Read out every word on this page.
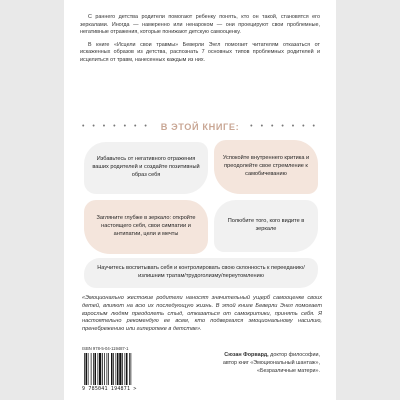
С раннего детства родители помогают ребенку понять, кто он такой, становятся его зеркалами. Иногда — намеренно или ненароком — они проецируют свои проблемные, негативные отражения, которые понижают детскую самооценку.

В книге «Исцели свои травмы» Беверли Энгл помогает читателям отказаться от искаженных образов из детства, распознать 7 основных типов проблемных родителей и исцелиться от травм, нанесенных каждым из них.

• • • • • • • В ЭТОЙ КНИГЕ: • • • • • • •
Избавьтесь от негативного отражения ваших родителей и создайте позитивный образ себя
Успокойте внутреннего критика и преодолейте свое стремление к самобичеванию
Загляните глубже в зеркало: откройте настоящего себя, свои симпатии и антипатии, цели и мечты
Полюбите того, кого видите в зеркале
Научитесь воспитывать себя и контролировать свою склонность к перееданию/излишним тратам/трудоголизму/переутомлению
«Эмоционально жестокие родители наносят значительный ущерб самооценке своих детей, влияют на всю их последующую жизнь. В этой книге Беверли Энгл помогает взрослым людям преодолеть стыд, отказаться от самокритики, принять себя. Я настоятельно рекомендую ее всем, кто подвергался эмоциональному насилию, пренебрежению или гиперопеке в детстве».
Сюзан Форвард, доктор философии,
автор книг «Эмоциональный шантаж»,
«Безразличные матери».
ISBN 978-5-04-119487-1
9 785041 194871 >
